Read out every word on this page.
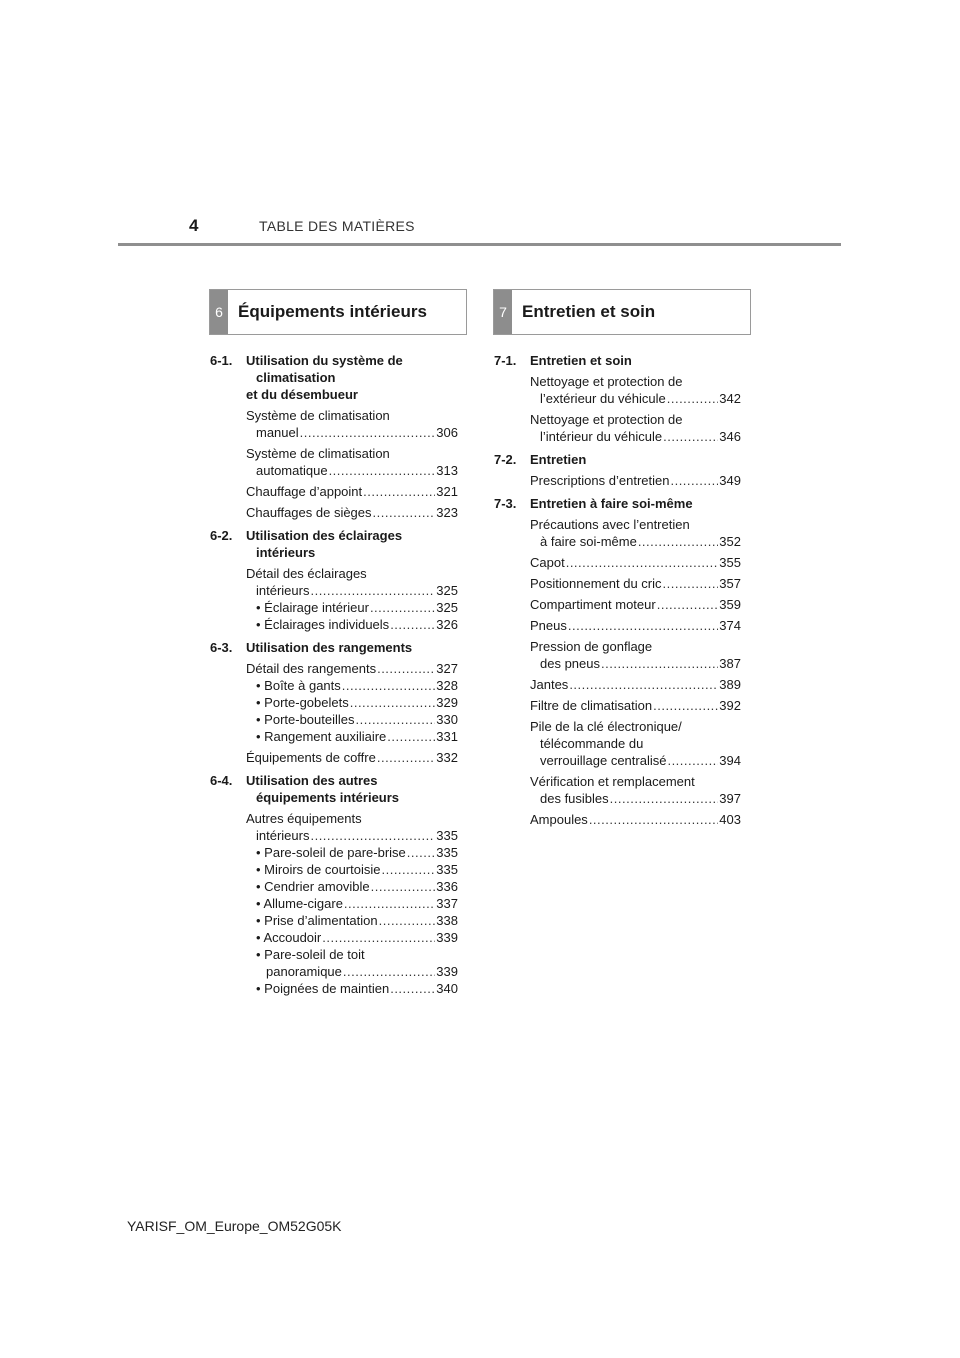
4	TABLE DES MATIÈRES
6 Équipements intérieurs	7 Entretien et soin
6-1.	Utilisation du système de
climatisation
et du désembueur
Système de climatisation
manuel .....	306
Système de climatisation
automatique .....	313
Chauffage d’appoint .....	321
Chauffages de sièges .....	323
6-2.	Utilisation des éclairages
intérieurs
Détail des éclairages
intérieurs .....	325
• Éclairage intérieur .....	325
• Éclairages individuels .....	326
6-3.	Utilisation des rangements
Détail des rangements .....	327
• Boîte à gants .....	328
• Porte-gobelets .....	329
• Porte-bouteilles .....	330
• Rangement auxiliaire .....	331
Équipements de coffre .....	332
6-4.	Utilisation des autres
équipements intérieurs
Autres équipements
intérieurs .....	335
• Pare-soleil de pare-brise ..... 335
• Miroirs de courtoisie .....	335
• Cendrier amovible .....	336
• Allume-cigare .....	337
• Prise d’alimentation .....	338
• Accoudoir .....	339
• Pare-soleil de toit
panoramique .....	339
• Poignées de maintien .....	340
7-1.	Entretien et soin
Nettoyage et protection de
l’extérieur du véhicule .....	342
Nettoyage et protection de
l’intérieur du véhicule .....	346
7-2.	Entretien
Prescriptions d’entretien .....	349
7-3.	Entretien à faire soi-même
Précautions avec l’entretien
à faire soi-même .....	352
Capot .....	355
Positionnement du cric .....	357
Compartiment moteur .....	359
Pneus .....	374
Pression de gonflage
des pneus .....	387
Jantes .....	389
Filtre de climatisation .....	392
Pile de la clé électronique/
télécommande du
verrouillage centralisé .....	394
Vérification et remplacement
des fusibles .....	397
Ampoules .....	403
YARISF_OM_Europe_OM52G05K
